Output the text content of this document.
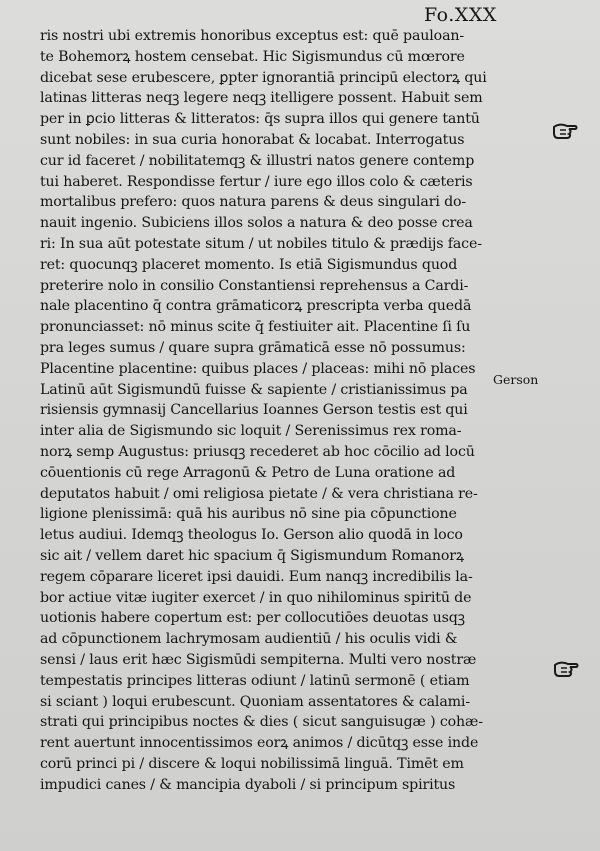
Fo.XXX
ris nostri ubi extremis honoribus exceptus est: quē pauloan‐
te Bohemorꝝ hostem censebat. Hic Sigismundus cū mœrore
dicebat sese erubescere, ꝑpter ignorantiā principū electorꝝ qui
latinas litteras neqꝫ legere neqꝫ itelligere possent. Habuit sem
per in ꝑcio litteras & litteratos: q̄s supra illos qui genere tantū
sunt nobiles: in sua curia honorabat & locabat. Interrogatus
cur id faceret / nobilitatemqꝫ & illustri natos genere contemp
tui haberet. Respondisse fertur / iure ego illos colo & cæteris
mortalibus prefero: quos natura parens & deus singulari do‐
nauit ingenio. Subiciens illos solos a natura & deo posse crea
ri: In sua aūt potestate situm / ut nobiles titulo & prædijs face‐
ret: quocunqꝫ placeret momento. Is etiā Sigismundus quod
preterire nolo in consilio Constantiensi reprehensus a Cardi‐
nale placentino q̄ contra grāmaticorꝝ prescripta verba quedā
pronunciasset: nō minus scite q̄ festiuiter ait. Placentine ſi ſu
pra leges sumus / quare supra grāmaticā esse nō possumus:
Placentine placentine: quibus places / placeas: mihi nō places
Latinū aūt Sigismundū fuisse & sapiente / cristianissimus pa
risiensis gymnasij Cancellarius Ioannes Gerson testis est qui
inter alia de Sigismundo sic loquit / Serenissimus rex roma‐
norꝝ semp Augustus: priusqꝫ recederet ab hoc cōcilio ad locū
cōuentionis cū rege Arragonū & Petro de Luna oratione ad
deputatos habuit / omi religiosa pietate / & vera christiana re‐
ligione plenissimā: quā his auribus nō sine pia cōpunctione
letus audiui. Idemqꝫ theologus Io. Gerson alio quodā in loco
sic ait / vellem daret hic spacium q̄ Sigismundum Romanorꝝ
regem cōparare liceret ipsi dauidi. Eum nanqꝫ incredibilis la‐
bor actiue vitæ iugiter exercet / in quo nihilominus spiritū de
uotionis habere copertum est: per collocutiōes deuotas usqꝫ
ad cōpunctionem lachrymosam audientiū / his oculis vidi &
sensi / laus erit hæc Sigismūdi sempiterna. Multi vero nostræ
tempestatis principes litteras odiunt / latinū sermonē ( etiam
si sciant ) loqui erubescunt. Quoniam assentatores & calami‐
strati qui principibus noctes & dies ( sicut sanguisugæ ) cohæ‐
rent auertunt innocentissimos eorꝝ animos / dicūtqꝫ esse inde
corū princi pi / discere & loqui nobilissimā linguā. Timēt em
impudici canes / & mancipia dyaboli / si principum spiritus
Gerson
